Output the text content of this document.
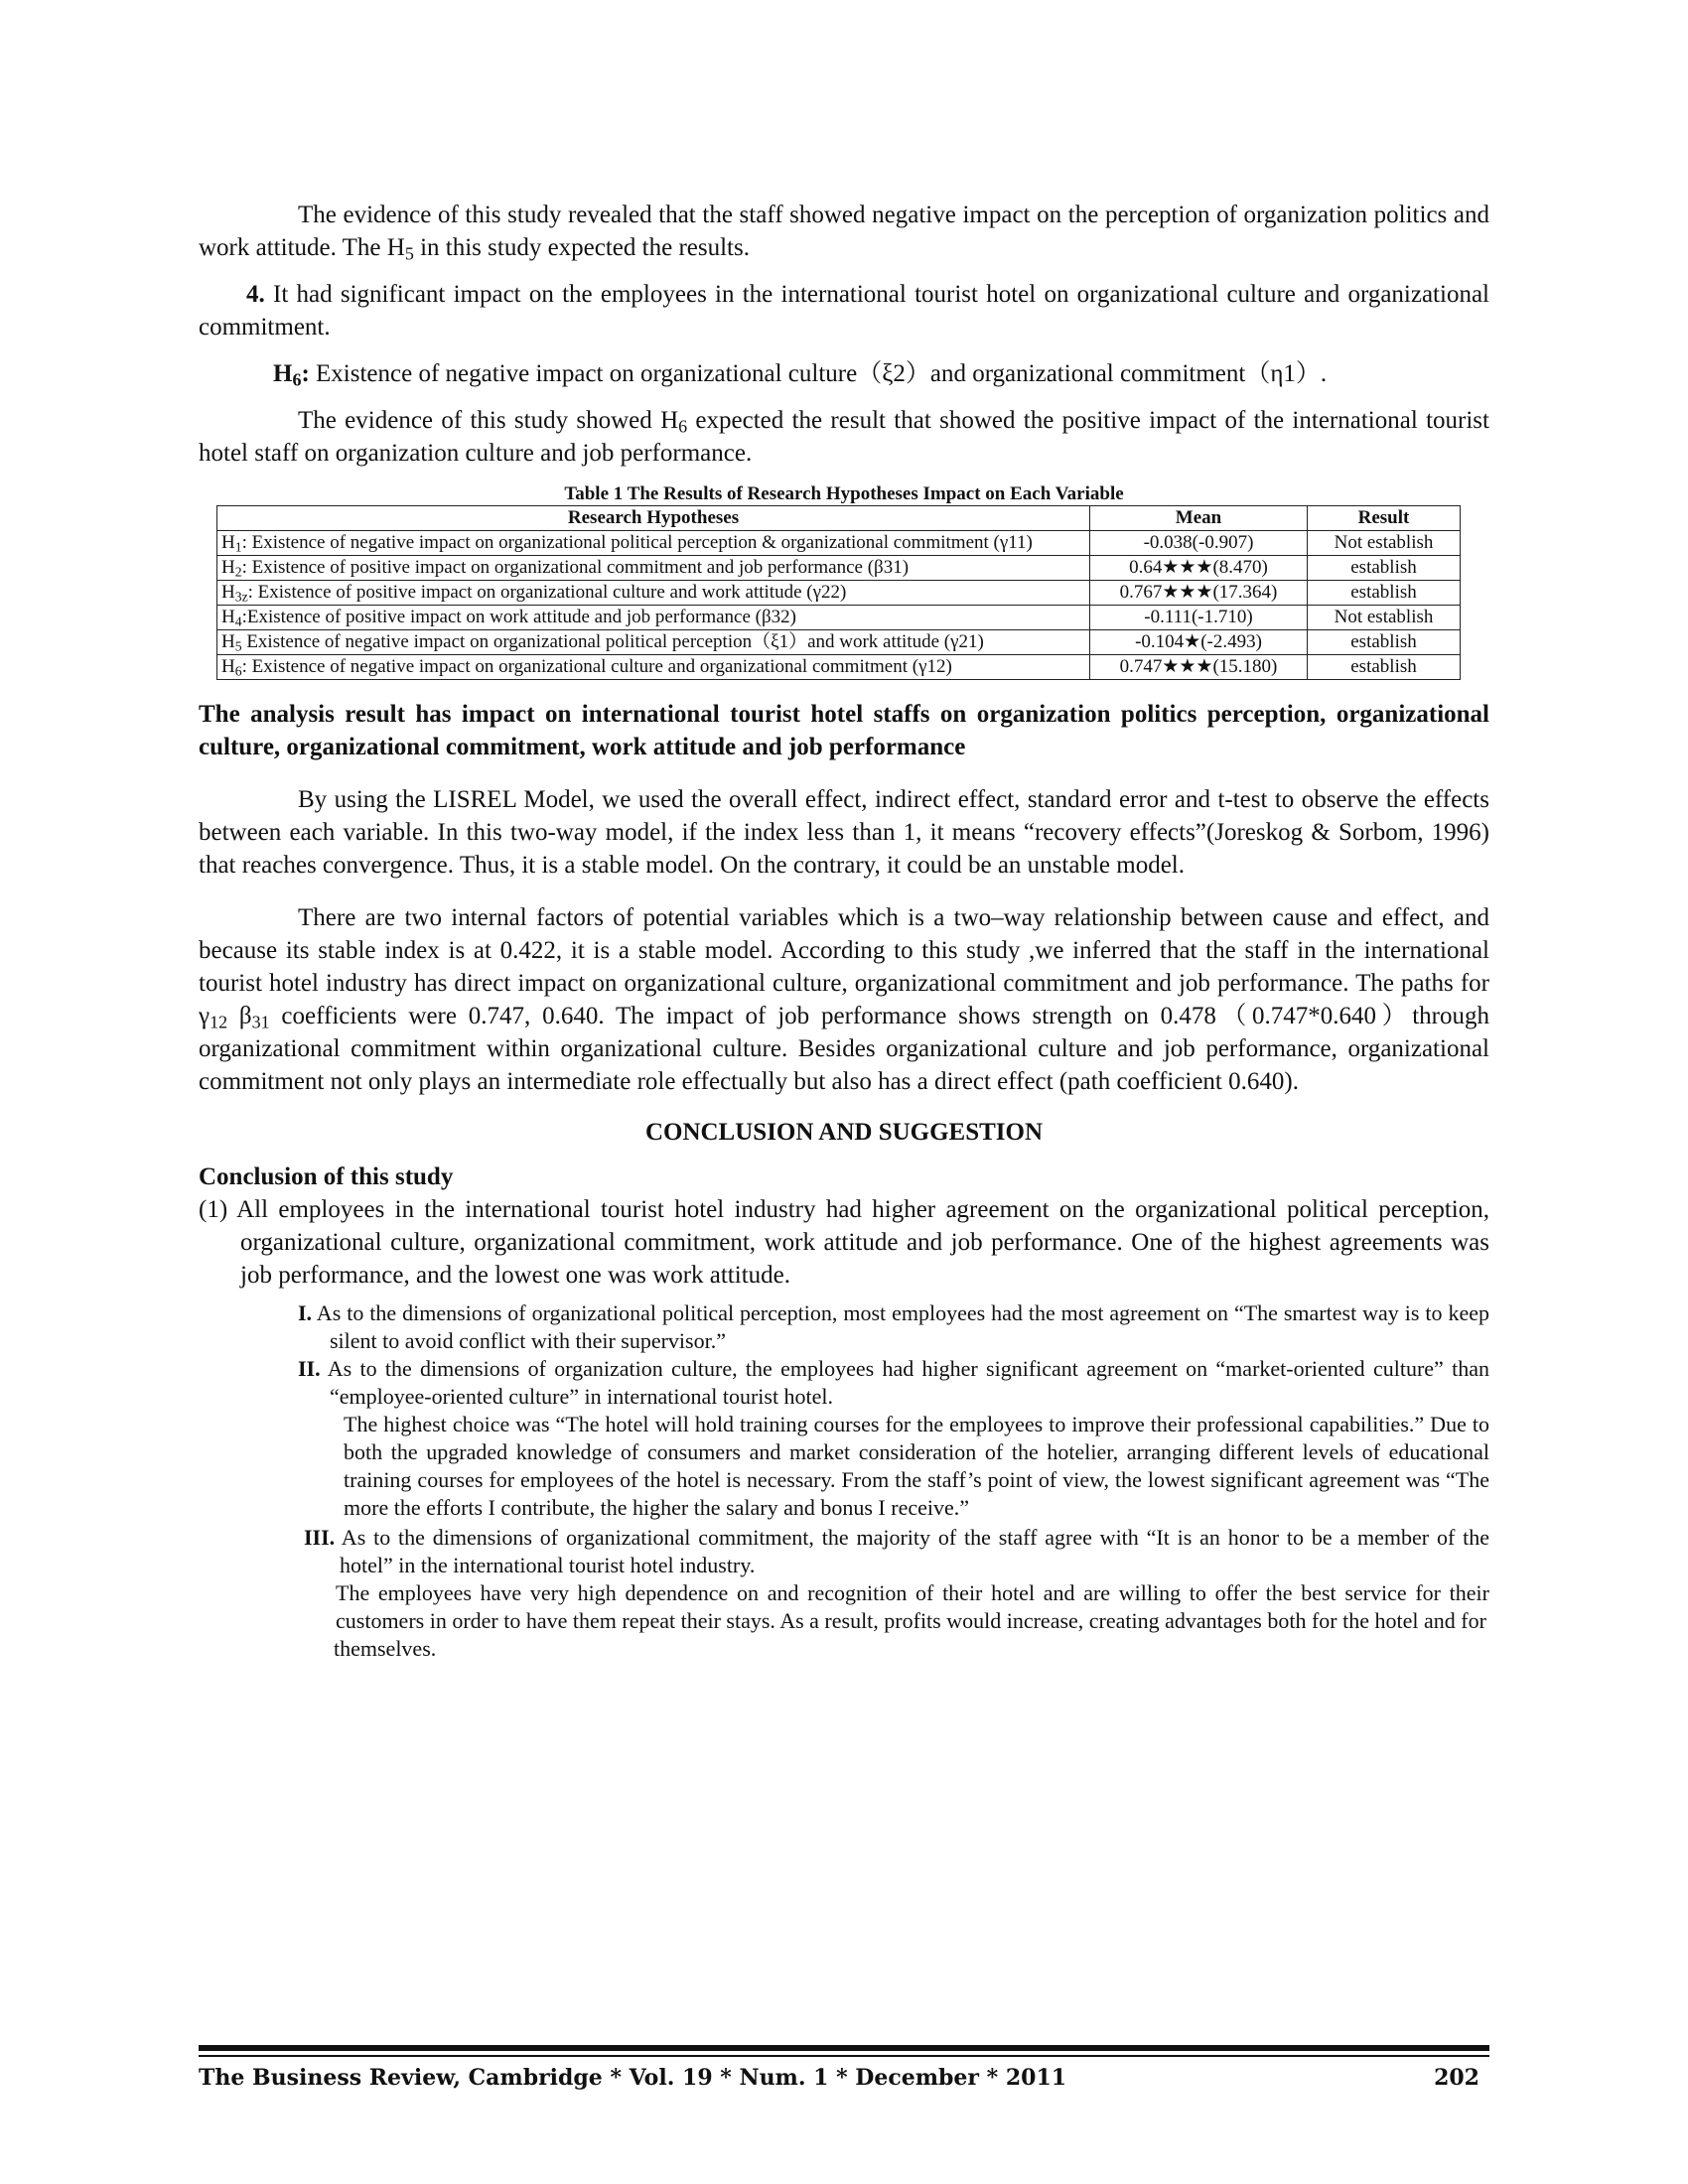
The evidence of this study revealed that the staff showed negative impact on the perception of organization politics and work attitude. The $H_5$ in this study expected the results.

4. It had significant impact on the employees in the international tourist hotel on organizational culture and organizational commitment.

$H_6$: Existence of negative impact on organizational culture（ξ2）and organizational commitment（η1）.

The evidence of this study showed $H_6$ expected the result that showed the positive impact of the international tourist hotel staff on organization culture and job performance.

Table 1 The Results of Research Hypotheses Impact on Each Variable
Research Hypotheses	Mean	Result
$H_1$: Existence of negative impact on organizational political perception & organizational commitment (γ11)	-0.038(-0.907)	Not establish
$H_2$: Existence of positive impact on organizational commitment and job performance (β31)	0.64★★★(8.470)	establish
$H_{3z}$: Existence of positive impact on organizational culture and work attitude (γ22)	0.767★★★(17.364)	establish
$H_4:Existence$ of positive impact on work attitude and job performance (β32)	-0.111(-1.710)	Not establish
$H_5$ Existence of negative impact on organizational political perception（ξ1）and work attitude (γ21)	-0.104★(-2.493)	establish
$H_6$: Existence of negative impact on organizational culture and organizational commitment (γ12)	0.747★★★(15.180)	establish

The analysis result has impact on international tourist hotel staffs on organization politics perception, organizational culture, organizational commitment, work attitude and job performance

By using the LISREL Model, we used the overall effect, indirect effect, standard error and t-test to observe the effects between each variable. In this two-way model, if the index less than 1, it means “recovery effects”(Joreskog & Sorbom, 1996) that reaches convergence. Thus, it is a stable model. On the contrary, it could be an unstable model.

There are two internal factors of potential variables which is a two–way relationship between cause and effect, and because its stable index is at 0.422, it is a stable model. According to this study ,we inferred that the staff in the international tourist hotel industry has direct impact on organizational culture, organizational commitment and job performance. The paths for $\gamma_{12}$ $\beta_{31}$ coefficients were 0.747, 0.640. The impact of job performance shows strength on 0.478（0.747*0.640）through organizational commitment within organizational culture. Besides organizational culture and job performance, organizational commitment not only plays an intermediate role effectually but also has a direct effect (path coefficient 0.640).

CONCLUSION AND SUGGESTION
Conclusion of this study

(1) All employees in the international tourist hotel industry had higher agreement on the organizational political perception, organizational culture, organizational commitment, work attitude and job performance. One of the highest agreements was job performance, and the lowest one was work attitude.

I. As to the dimensions of organizational political perception, most employees had the most agreement on “The smartest way is to keep silent to avoid conflict with their supervisor.”

II. As to the dimensions of organization culture, the employees had higher significant agreement on “market-oriented culture” than “employee-oriented culture” in international tourist hotel.

The highest choice was “The hotel will hold training courses for the employees to improve their professional capabilities.” Due to both the upgraded knowledge of consumers and market consideration of the hotelier, arranging different levels of educational training courses for employees of the hotel is necessary. From the staff’s point of view, the lowest significant agreement was “The more the efforts I contribute, the higher the salary and bonus I receive.”

III. As to the dimensions of organizational commitment, the majority of the staff agree with “It is an honor to be a member of the hotel” in the international tourist hotel industry.

The employees have very high dependence on and recognition of their hotel and are willing to offer the best service for their customers in order to have them repeat their stays. As a result, profits would increase, creating advantages both for the hotel and for

themselves.

The Business Review, Cambridge * Vol. 19 * Num. 1 * December * 2011	202
